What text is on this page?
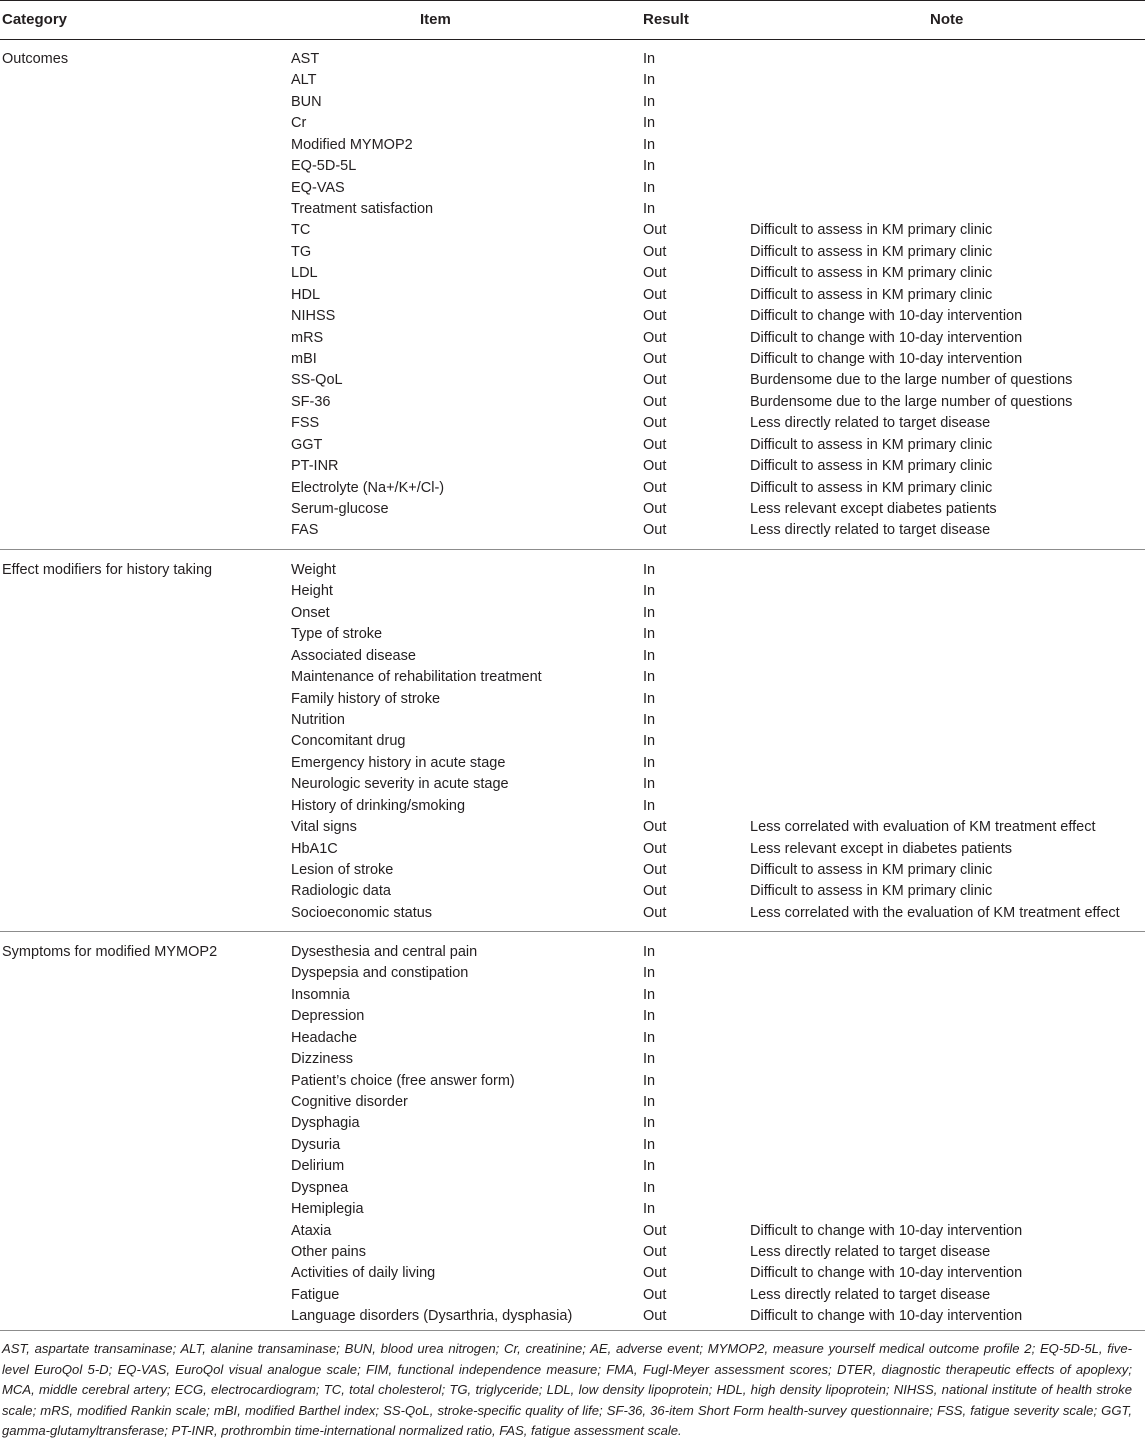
Category	Item	Result	Note
Outcomes	AST	In
ALT	In
BUN	In
Cr	In
Modified MYMOP2	In
EQ-5D-5L	In
EQ-VAS	In
Treatment satisfaction	In
TC	Out	Difficult to assess in KM primary clinic
TG	Out	Difficult to assess in KM primary clinic
LDL	Out	Difficult to assess in KM primary clinic
HDL	Out	Difficult to assess in KM primary clinic
NIHSS	Out	Difficult to change with 10-day intervention
mRS	Out	Difficult to change with 10-day intervention
mBI	Out	Difficult to change with 10-day intervention
SS-QoL	Out	Burdensome due to the large number of questions
SF-36	Out	Burdensome due to the large number of questions
FSS	Out	Less directly related to target disease
GGT	Out	Difficult to assess in KM primary clinic
PT-INR	Out	Difficult to assess in KM primary clinic
Electrolyte (Na+/K+/Cl-)	Out	Difficult to assess in KM primary clinic
Serum-glucose	Out	Less relevant except diabetes patients
FAS	Out	Less directly related to target disease
Effect modifiers for history taking	Weight	In
Height	In
Onset	In
Type of stroke	In
Associated disease	In
Maintenance of rehabilitation treatment	In
Family history of stroke	In
Nutrition	In
Concomitant drug	In
Emergency history in acute stage	In
Neurologic severity in acute stage	In
History of drinking/smoking	In
Vital signs	Out	Less correlated with evaluation of KM treatment effect
HbA1C	Out	Less relevant except in diabetes patients
Lesion of stroke	Out	Difficult to assess in KM primary clinic
Radiologic data	Out	Difficult to assess in KM primary clinic
Socioeconomic status	Out	Less correlated with the evaluation of KM treatment effect
Symptoms for modified MYMOP2	Dysesthesia and central pain	In
Dyspepsia and constipation	In
Insomnia	In
Depression	In
Headache	In
Dizziness	In
Patient’s choice (free answer form)	In
Cognitive disorder	In
Dysphagia	In
Dysuria	In
Delirium	In
Dyspnea	In
Hemiplegia	In
Ataxia	Out	Difficult to change with 10-day intervention
Other pains	Out	Less directly related to target disease
Activities of daily living	Out	Difficult to change with 10-day intervention
Fatigue	Out	Less directly related to target disease
Language disorders (Dysarthria, dysphasia)	Out	Difficult to change with 10-day intervention
AST, aspartate transaminase; ALT, alanine transaminase; BUN, blood urea nitrogen; Cr, creatinine; AE, adverse event; MYMOP2, measure yourself medical outcome profile 2; EQ-5D-5L, five-level EuroQol 5-D; EQ-VAS, EuroQol visual analogue scale; FIM, functional independence measure; FMA, Fugl-Meyer assessment scores; DTER, diagnostic therapeutic effects of apoplexy; MCA, middle cerebral artery; ECG, electrocardiogram; TC, total cholesterol; TG, triglyceride; LDL, low density lipoprotein; HDL, high density lipoprotein; NIHSS, national institute of health stroke scale; mRS, modified Rankin scale; mBI, modified Barthel index; SS-QoL, stroke-specific quality of life; SF-36, 36-item Short Form health-survey questionnaire; FSS, fatigue severity scale; GGT, gamma-glutamyltransferase; PT-INR, prothrombin time-international normalized ratio, FAS, fatigue assessment scale.
